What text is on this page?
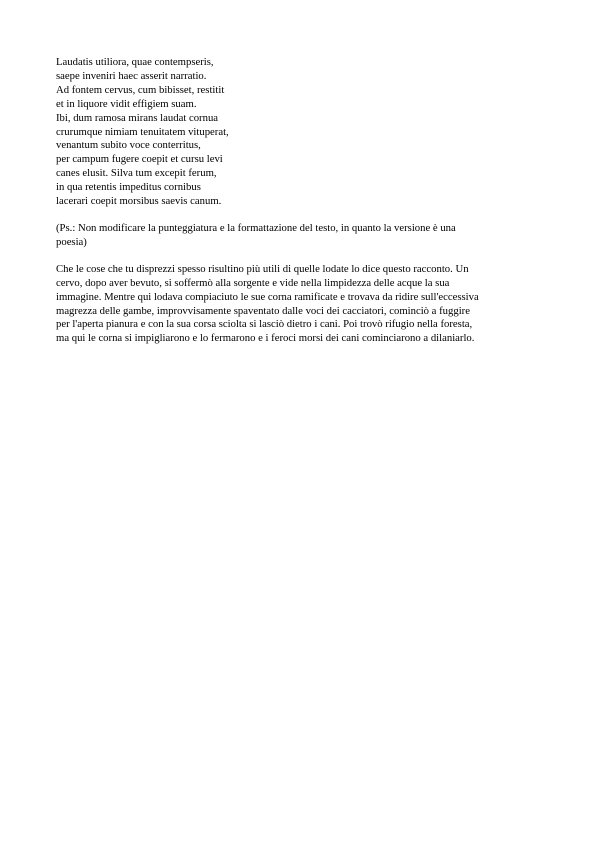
Laudatis utiliora, quae contempseris,
saepe inveniri haec asserit narratio.
Ad fontem cervus, cum bibisset, restitit
et in liquore vidit effigiem suam.
Ibi, dum ramosa mirans laudat cornua
crurumque nimiam tenuitatem vituperat,
venantum subito voce conterritus,
per campum fugere coepit et cursu levi
canes elusit. Silva tum excepit ferum,
in qua retentis impeditus cornibus
lacerari coepit morsibus saevis canum.
(Ps.: Non modificare la punteggiatura e la formattazione del testo, in quanto la versione è una
poesia)
Che le cose che tu disprezzi spesso risultino più utili di quelle lodate lo dice questo racconto. Un
cervo, dopo aver bevuto, si soffermò alla sorgente e vide nella limpidezza delle acque la sua
immagine. Mentre qui lodava compiaciuto le sue corna ramificate e trovava da ridire sull'eccessiva
magrezza delle gambe, improvvisamente spaventato dalle voci dei cacciatori, cominciò a fuggire
per l'aperta pianura e con la sua corsa sciolta si lasciò dietro i cani. Poi trovò rifugio nella foresta,
ma qui le corna si impigliarono e lo fermarono e i feroci morsi dei cani cominciarono a dilaniarlo.
